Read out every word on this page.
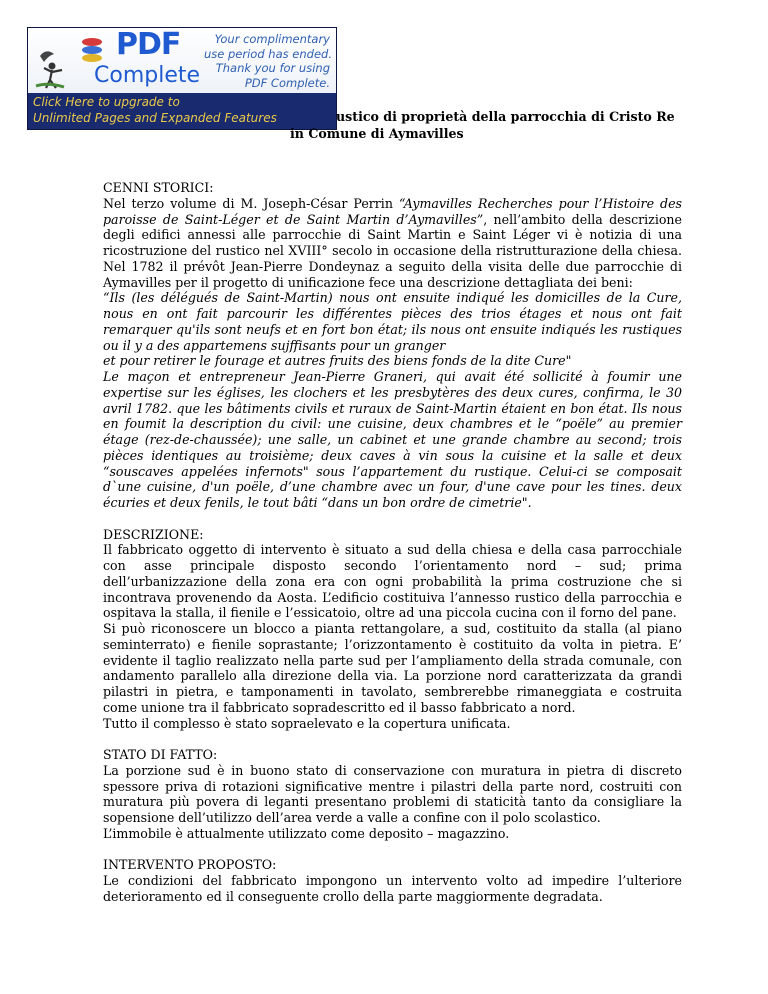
PDF
Complete
Your complimentary
use period has ended.
Thank you for using
PDF Complete.
Click Here to upgrade to
Unlimited Pages and Expanded Features	ustico di proprietà della parrocchia di Cristo Re
in Comune di Aymavilles

CENNI STORICI:

Nel terzo volume di M. Joseph-César Perrin “Aymavilles Recherches pour l’Histoire des paroisse de Saint-Léger et de Saint Martin d’Aymavilles”, nell’ambito della descrizione degli edifici annessi alle parrocchie di Saint Martin e Saint Léger vi è notizia di una ricostruzione del rustico nel XVIII° secolo in occasione della ristrutturazione della chiesa. Nel 1782 il prévôt Jean-Pierre Dondeynaz a seguito della visita delle due parrocchie di Aymavilles per il progetto di unificazione fece una descrizione dettagliata dei beni:

“Ils (les délégués de Saint-Martin) nous ont ensuite indiqué les domicilles de la Cure, nous en ont fait parcourir les différentes pièces des trios étages et nous ont fait remarquer qu'ils sont neufs et en fort bon état; ils nous ont ensuite indiqués les rustiques ou il y a des appartemens sujffisants pour un granger

et pour retirer le fourage et autres fruits des biens fonds de la dite Cure"

Le maçon et entrepreneur Jean-Pierre Graneri, qui avait été sollicité à foumir une expertise sur les églises, les clochers et les presbytères des deux cures, confirma, le 30 avril 1782. que les bâtiments civils et ruraux de Saint-Martin étaient en bon état. Ils nous en foumit la description du civil: une cuisine, deux chambres et le “poële” au premier étage (rez-de-chaussée); une salle, un cabinet et une grande chambre au second; trois pièces identiques au troisième; deux caves à vin sous la cuisine et la salle et deux “souscaves appelées infernots" sous l’appartement du rustique. Celui-ci se composait d`une cuisine, d'un poële, d’une chambre avec un four, d'une cave pour les tines. deux écuries et deux fenils, le tout bâti “dans un bon ordre de cimetrie".

DESCRIZIONE:

Il fabbricato oggetto di intervento è situato a sud della chiesa e della casa parrocchiale con asse principale disposto secondo l’orientamento nord – sud; prima dell’urbanizzazione della zona era con ogni probabilità la prima costruzione che si incontrava provenendo da Aosta. L’edificio costituiva l’annesso rustico della parrocchia e ospitava la stalla, il fienile e l’essicatoio, oltre ad una piccola cucina con il forno del pane.

Si può riconoscere un blocco a pianta rettangolare, a sud, costituito da stalla (al piano seminterrato) e fienile soprastante; l’orizzontamento è costituito da volta in pietra. E’ evidente il taglio realizzato nella parte sud per l’ampliamento della strada comunale, con andamento parallelo alla direzione della via. La porzione nord caratterizzata da grandi pilastri in pietra, e tamponamenti in tavolato, sembrerebbe rimaneggiata e costruita come unione tra il fabbricato sopradescritto ed il basso fabbricato a nord.

Tutto il complesso è stato sopraelevato e la copertura unificata.

STATO DI FATTO:

La porzione sud è in buono stato di conservazione con muratura in pietra di discreto spessore priva di rotazioni significative mentre i pilastri della parte nord, costruiti con muratura più povera di leganti presentano problemi di staticità tanto da consigliare la sopensione dell’utilizzo dell’area verde a valle a confine con il polo scolastico.

L’immobile è attualmente utilizzato come deposito – magazzino.

INTERVENTO PROPOSTO:

Le condizioni del fabbricato impongono un intervento volto ad impedire l’ulteriore deterioramento ed il conseguente crollo della parte maggiormente degradata.
